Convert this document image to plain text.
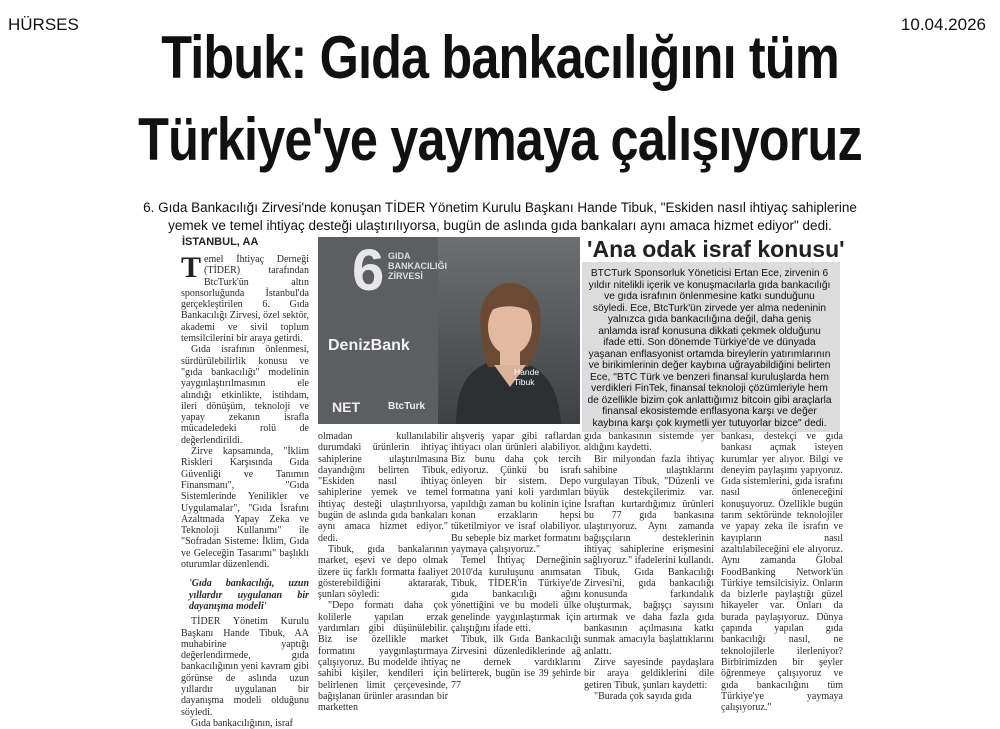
HÜRSES	10.04.2026
Tibuk: Gıda bankacılığını tüm
Türkiye'ye yaymaya çalışıyoruz
6. Gıda Bankacılığı Zirvesi'nde konuşan TİDER Yönetim Kurulu Başkanı Hande Tibuk, "Eskiden nasıl ihtiyaç sahiplerine
yemek ve temel ihtiyaç desteği ulaştırılıyorsa, bugün de aslında gıda bankaları aynı amaca hizmet ediyor" dedi.
İSTANBUL, AA
T emel İhtiyaç Derneği (TİDER) tarafından BtcTurk'ün altın sponsorluğunda İstanbul'da gerçekleştirilen 6. Gıda Bankacılığı Zirvesi, özel sektör, akademi ve sivil toplum temsilcilerini bir araya getirdi.

Gıda israfının önlenmesi, sürdürülebilirlik konusu ve "gıda bankacılığı" modelinin yaygınlaştırılmasının ele alındığı etkinlikte, istihdam, ileri dönüşüm, teknoloji ve yapay zekanın israfla mücadeledeki rolü de değerlendirildi.

Zirve kapsamında, "İklim Riskleri Karşısında Gıda Güvenliği ve Tanımın Finansmanı", "Gıda Sistemlerinde Yenilikler ve Uygulamalar", "Gıda İsrafını Azaltmada Yapay Zeka ve Teknoloji Kullanımı" ile "Sofradan Sisteme: İklim, Gıda ve Geleceğin Tasarımı" başlıklı oturumlar düzenlendi.

'Gıda bankacılığı, uzun yıllardır uygulanan bir dayanışma modeli'

TİDER Yönetim Kurulu Başkanı Hande Tibuk, AA muhabirine yaptığı değerlendirmede, gıda bankacılığının yeni kavram gibi görünse de aslında uzun yıllardır uygulanan bir dayanışma modeli olduğunu söyledi.

Gıda bankacılığının, israf

6 GIDA BANKACILIĞI ZİRVESİ
DenizBank
NET	BtcTurk
Hande
Tibuk
'Ana odak israf konusu'
BTCTurk Sponsorluk Yöneticisi Ertan Ece, zirvenin 6 yıldır nitelikli içerik ve konuşmacılarla gıda bankacılığı ve gıda israfının önlenmesine katkı sunduğunu söyledi. Ece, BtcTurk'ün zirvede yer alma nedeninin yalnızca gıda bankacılığına değil, daha geniş anlamda israf konusuna dikkati çekmek olduğunu ifade etti. Son dönemde Türkiye'de ve dünyada yaşanan enflasyonist ortamda bireylerin yatırımlarının ve birikimlerinin değer kaybına uğrayabildiğini belirten Ece, "BTC Türk ve benzeri finansal kuruluşlarda hem verdikleri FinTek, finansal teknoloji çözümleriyle hem de özellikle bizim çok anlattığımız bitcoin gibi araçlarla finansal ekosistemde enflasyona karşı ve değer kaybına karşı çok kıymetli yer tutuyorlar bizce" dedi.

olmadan kullanılabilir durumdaki ürünlerin ihtiyaç sahiplerine ulaştırılmasına dayandığını belirten Tibuk, "Eskiden nasıl ihtiyaç sahiplerine yemek ve temel ihtiyaç desteği ulaştırılıyorsa, bugün de aslında gıda bankaları aynı amaca hizmet ediyor." dedi.

Tibuk, gıda bankalarının market, eşevi ve depo olmak üzere üç farklı formatta faaliyet gösterebildiğini aktararak, şunları söyledi:

"Depo formatı daha çok kolilerle yapılan erzak yardımları gibi düşünülebilir. Biz ise özellikle market formatını yaygınlaştırmaya çalışıyoruz. Bu modelde ihtiyaç sahibi kişiler, kendileri için belirlenen limit çerçevesinde, bağışlanan ürünler arasından bir marketten

alışveriş yapar gibi raflardan ihtiyacı olan ürünleri alabiliyor. Biz bunu daha çok tercih ediyoruz. Çünkü bu israfı önleyen bir sistem. Depo formatına yani koli yardımları yapıldığı zaman bu kolinin içine konan erzakların hepsi tüketilmiyor ve israf olabiliyor. Bu sebeple biz market formatını yaymaya çalışıyoruz."

Temel İhtiyaç Derneğinin 2010'da kuruluşunu anımsatan Tibuk, TİDER'in Türkiye'de gıda bankacılığı ağını yönettiğini ve bu modeli ülke genelinde yaygınlaştırmak için çalıştığını ifade etti.

Tibuk, ilk Gıda Bankacılığı Zirvesini düzenlediklerinde ağ ne dernek vardıklarını belirterek, bugün ise 39 şehirde 77

gıda bankasının sistemde yer aldığını kaydetti.

Bir milyondan fazla ihtiyaç sahibine ulaştıklarını vurgulayan Tibuk, "Düzenli ve büyük destekçilerimiz var. İsraftan kurtardığımız ürünleri bu 77 gıda bankasına ulaştırıyoruz. Aynı zamanda bağışçıların desteklerinin ihtiyaç sahiplerine erişmesini sağlıyoruz." ifadelerini kullandı.

Tibuk, Gıda Bankacılığı Zirvesi'ni, gıda bankacılığı konusunda farkındalık oluşturmak, bağışçı sayısını artırmak ve daha fazla gıda bankasının açılmasına katkı sunmak amacıyla başlattıklarını anlattı.

Zirve sayesinde paydaşlara bir araya geldiklerini dile getiren Tibuk, şunları kaydetti:

"Burada çok sayıda gıda

bankası, destekçi ve gıda bankası açmak isteyen kurumlar yer alıyor. Bilgi ve deneyim paylaşımı yapıyoruz. Gıda sistemlerini, gıda israfını nasıl önleneceğini konuşuyoruz. Özellikle bugün tarım sektöründe teknolojiler ve yapay zeka ile israfın ve kayıpların nasıl azaltılabileceğini ele alıyoruz. Aynı zamanda Global FoodBanking Network'ün Türkiye temsilcisiyiz. Onların da bizlerle paylaştığı güzel hikayeler var. Onları da burada paylaşıyoruz. Dünya çapında yapılan gıda bankacılığı nasıl, ne teknolojilerle ilerleniyor? Birbirimizden bir şeyler öğrenmeye çalışıyoruz ve gıda bankacılığını tüm Türkiye'ye yaymaya çalışıyoruz."
